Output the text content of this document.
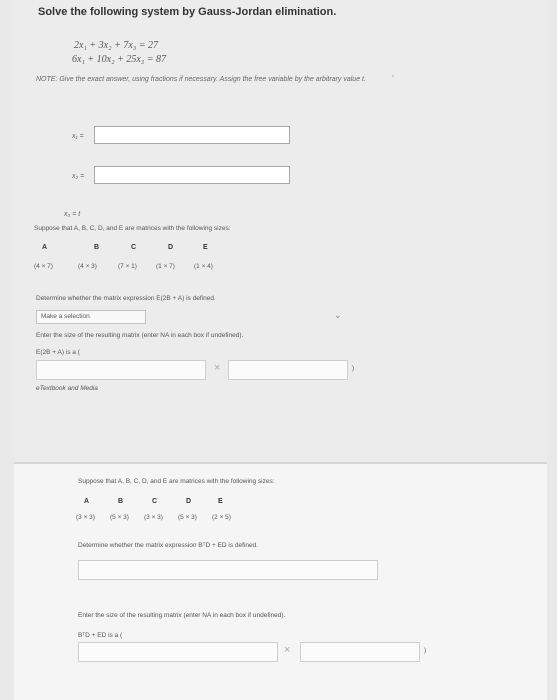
Solve the following system by Gauss-Jordan elimination.
2x₁ + 3x₂ + 7x₃ = 27
6x₁ + 10x₂ + 25x₃ = 87
NOTE: Give the exact answer, using fractions if necessary. Assign the free variable by the arbitrary value t.	◦
x₁ =
x₂ =
x₃ = t
Suppose that A, B, C, D, and E are matrices with the following sizes:
A	B	C	D	E
(4 × 7)	(4 × 3)	(7 × 1)	(1 × 7)	(1 × 4)
Determine whether the matrix expression E(2B + A) is defined.
Make a selection	⌄
Enter the size of the resulting matrix (enter NA in each box if undefined).
E(2B + A) is a (
×	)
eTextbook and Media
Suppose that A, B, C, D, and E are matrices with the following sizes:
A	B	C	D	E
(3 × 3) (5 × 3) (3 × 3) (5 × 3) (2 × 5)
Determine whether the matrix expression BᵀD + ED is defined.
Enter the size of the resulting matrix (enter NA in each box if undefined).
BᵀD + ED is a (
×	)
